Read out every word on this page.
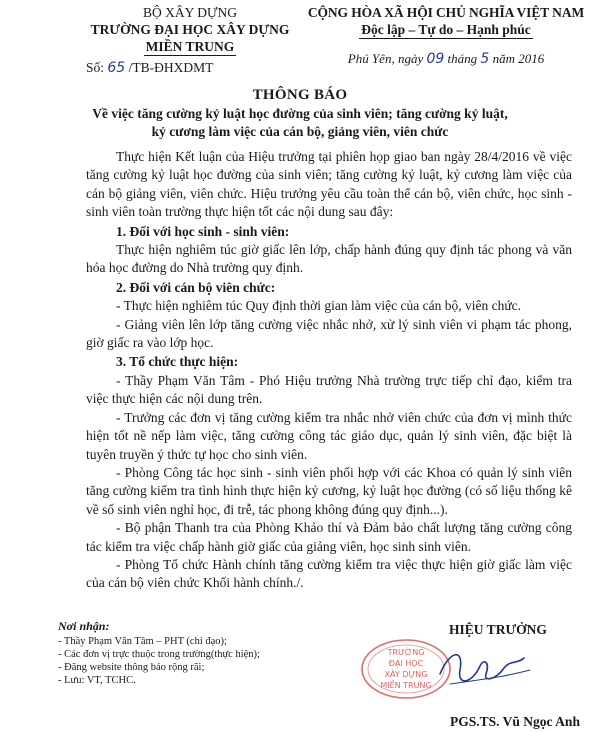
BỘ XÂY DỰNG
TRƯỜNG ĐẠI HỌC XÂY DỰNG
MIỀN TRUNG
Số: 65 /TB-ĐHXDMT
CỘNG HÒA XÃ HỘI CHỦ NGHĨA VIỆT NAM
Độc lập – Tự do – Hạnh phúc
Phú Yên, ngày 09 tháng 5 năm 2016
THÔNG BÁO
Về việc tăng cường kỷ luật học đường của sinh viên; tăng cường kỷ luật,
kỷ cương làm việc của cán bộ, giảng viên, viên chức

Thực hiện Kết luận của Hiệu trưởng tại phiên họp giao ban ngày 28/4/2016 về việc tăng cường kỷ luật học đường của sinh viên; tăng cường kỷ luật, kỷ cương làm việc của cán bộ giảng viên, viên chức. Hiệu trưởng yêu cầu toàn thể cán bộ, viên chức, học sinh - sinh viên toàn trường thực hiện tốt các nội dung sau đây:

1. Đối với học sinh - sinh viên:

Thực hiện nghiêm túc giờ giấc lên lớp, chấp hành đúng quy định tác phong và văn hóa học đường do Nhà trường quy định.

2. Đối với cán bộ viên chức:

- Thực hiện nghiêm túc Quy định thời gian làm việc của cán bộ, viên chức.

- Giảng viên lên lớp tăng cường việc nhắc nhở, xử lý sinh viên vi phạm tác phong, giờ giấc ra vào lớp học.

3. Tổ chức thực hiện:

- Thầy Phạm Văn Tâm - Phó Hiệu trưởng Nhà trường trực tiếp chỉ đạo, kiểm tra việc thực hiện các nội dung trên.

- Trưởng các đơn vị tăng cường kiểm tra nhắc nhở viên chức của đơn vị mình thức hiện tốt nề nếp làm việc, tăng cường công tác giáo dục, quản lý sinh viên, đặc biệt là tuyên truyền ý thức tự học cho sinh viên.

- Phòng Công tác học sinh - sinh viên phối hợp với các Khoa có quản lý sinh viên tăng cường kiểm tra tình hình thực hiện kỷ cương, kỷ luật học đường (có số liệu thống kê về số sinh viên nghỉ học, đi trễ, tác phong không đúng quy định...).

- Bộ phận Thanh tra của Phòng Khảo thí và Đảm bảo chất lượng tăng cường công tác kiểm tra việc chấp hành giờ giấc của giảng viên, học sinh sinh viên.

- Phòng Tổ chức Hành chính tăng cường kiểm tra việc thực hiện giờ giấc làm việc của cán bộ viên chức Khối hành chính./.

Nơi nhận:
- Thầy Phạm Văn Tâm – PHT (chỉ đạo);
- Các đơn vị trực thuộc trong trường(thực hiện);
- Đăng website thông báo rộng rãi;
- Lưu: VT, TCHC.
TRƯỜNG
ĐẠI HỌC
XÂY DỰNG
MIỀN TRUNG
HIỆU TRƯỞNG
PGS.TS. Vũ Ngọc Anh
